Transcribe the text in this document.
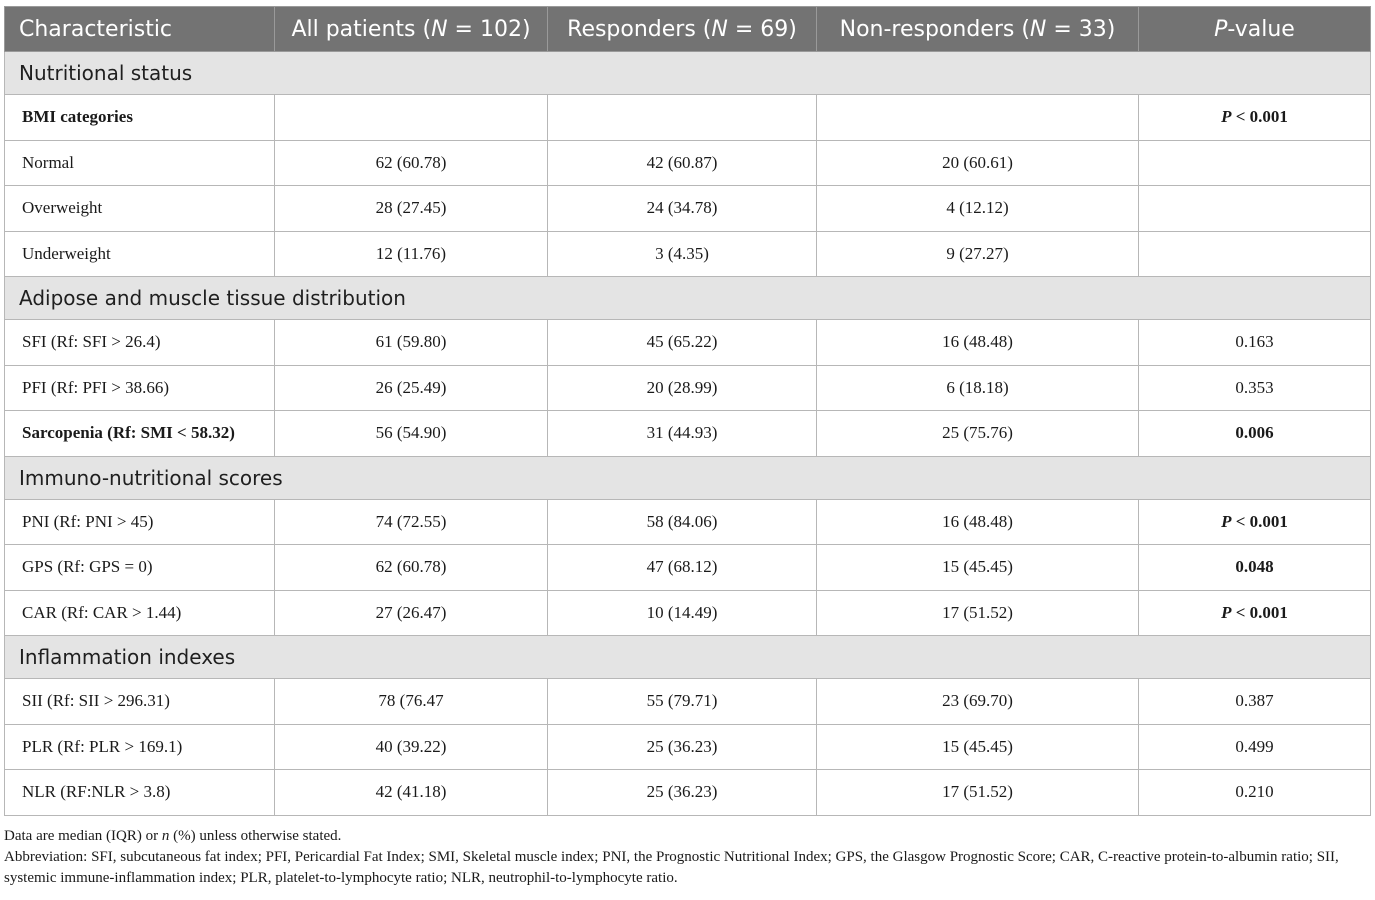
Characteristic	All patients (N = 102)	Responders (N = 69)	Non-responders (N = 33)	P-value
Nutritional status				
BMI categories				P < 0.001
Normal	62 (60.78)	42 (60.87)	20 (60.61)	
Overweight	28 (27.45)	24 (34.78)	4 (12.12)	
Underweight	12 (11.76)	3 (4.35)	9 (27.27)	
Adipose and muscle tissue distribution				
SFI (Rf: SFI > 26.4)	61 (59.80)	45 (65.22)	16 (48.48)	0.163
PFI (Rf: PFI > 38.66)	26 (25.49)	20 (28.99)	6 (18.18)	0.353
Sarcopenia (Rf: SMI < 58.32)	56 (54.90)	31 (44.93)	25 (75.76)	0.006
Immuno-nutritional scores				
PNI (Rf: PNI > 45)	74 (72.55)	58 (84.06)	16 (48.48)	P < 0.001
GPS (Rf: GPS = 0)	62 (60.78)	47 (68.12)	15 (45.45)	0.048
CAR (Rf: CAR > 1.44)	27 (26.47)	10 (14.49)	17 (51.52)	P < 0.001
Inflammation indexes				
SII (Rf: SII > 296.31)	78 (76.47	55 (79.71)	23 (69.70)	0.387
PLR (Rf: PLR > 169.1)	40 (39.22)	25 (36.23)	15 (45.45)	0.499
NLR (RF:NLR > 3.8)	42 (41.18)	25 (36.23)	17 (51.52)	0.210

Data are median (IQR) or n (%) unless otherwise stated.

Abbreviation: SFI, subcutaneous fat index; PFI, Pericardial Fat Index; SMI, Skeletal muscle index; PNI, the Prognostic Nutritional Index; GPS, the Glasgow Prognostic Score; CAR, C-reactive protein-to-albumin ratio; SII, systemic immune-inflammation index; PLR, platelet-to-lymphocyte ratio; NLR, neutrophil-to-lymphocyte ratio.
